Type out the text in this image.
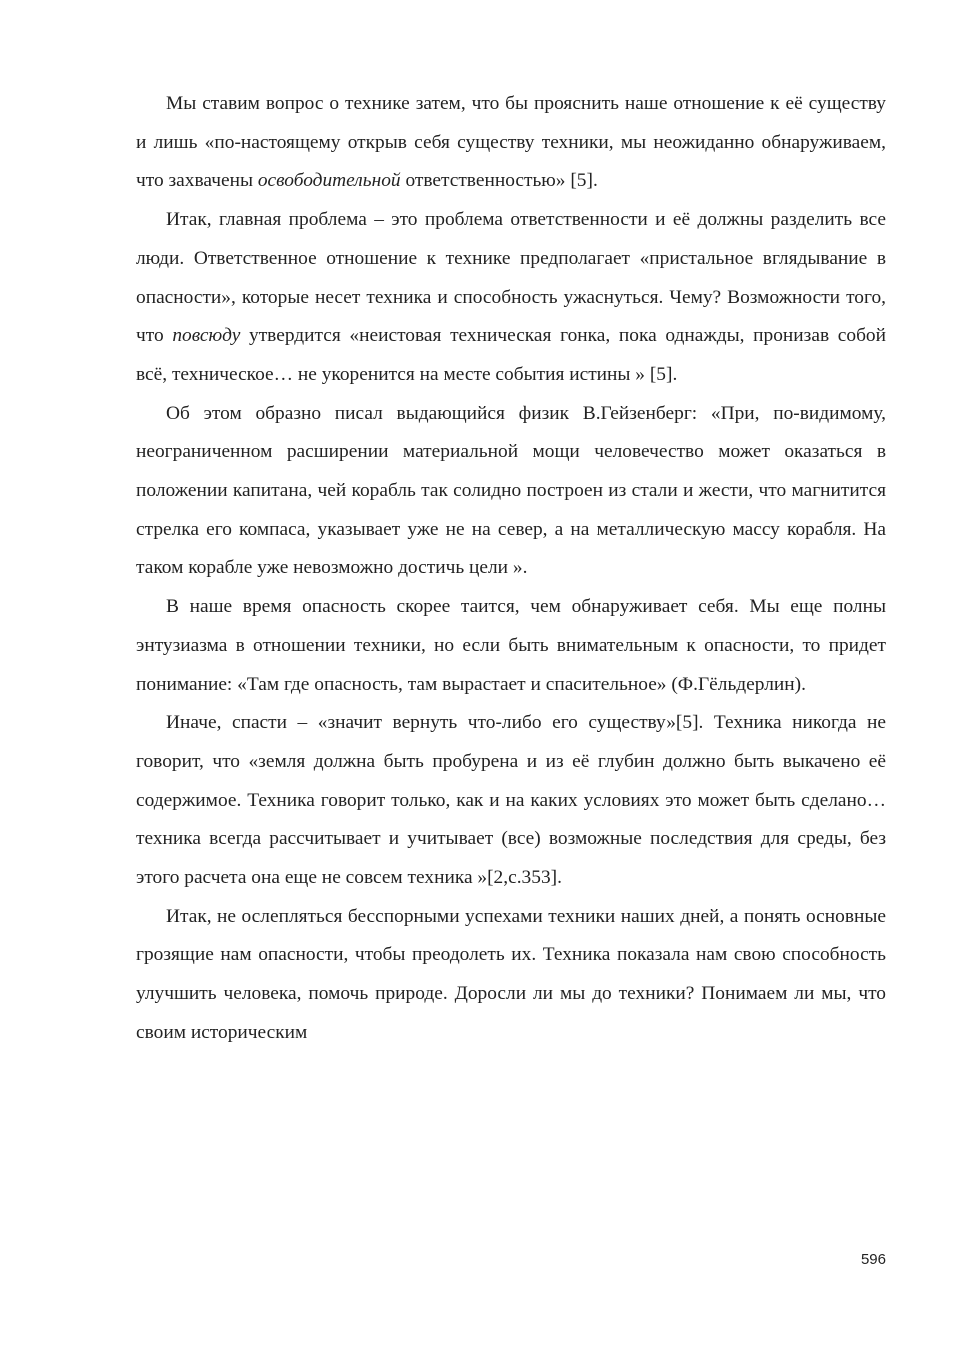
Мы ставим вопрос о технике затем, что бы прояснить наше отношение к её существу и лишь «по-настоящему открыв себя существу техники, мы неожиданно обнаруживаем, что захвачены освободительной ответственностью» [5].

Итак, главная проблема – это проблема ответственности и её должны разделить все люди. Ответственное отношение к технике предполагает «пристальное вглядывание в опасности», которые несет техника и способность ужаснуться. Чему? Возможности того, что повсюду утвердится «неистовая техническая гонка, пока однажды, пронизав собой всё, техническое… не укоренится на месте события истины » [5].

Об этом образно писал выдающийся физик В.Гейзенберг: «При, по-видимому, неограниченном расширении материальной мощи человечество может оказаться в положении капитана, чей корабль так солидно построен из стали и жести, что магнитится стрелка его компаса, указывает уже не на север, а на металлическую массу корабля. На таком корабле уже невозможно достичь цели ».

В наше время опасность скорее таится, чем обнаруживает себя. Мы еще полны энтузиазма в отношении техники, но если быть внимательным к опасности, то придет понимание: «Там где опасность, там вырастает и спасительное» (Ф.Гёльдерлин).

Иначе, спасти – «значит вернуть что-либо его существу»[5]. Техника никогда не говорит, что «земля должна быть пробурена и из её глубин должно быть выкачено её содержимое. Техника говорит только, как и на каких условиях это может быть сделано… техника всегда рассчитывает и учитывает (все) возможные последствия для среды, без этого расчета она еще не совсем техника »[2,с.353].

Итак, не ослепляться бесспорными успехами техники наших дней, а понять основные грозящие нам опасности, чтобы преодолеть их. Техника показала нам свою способность улучшить человека, помочь природе. Доросли ли мы до техники? Понимаем ли мы, что своим историческим

596
